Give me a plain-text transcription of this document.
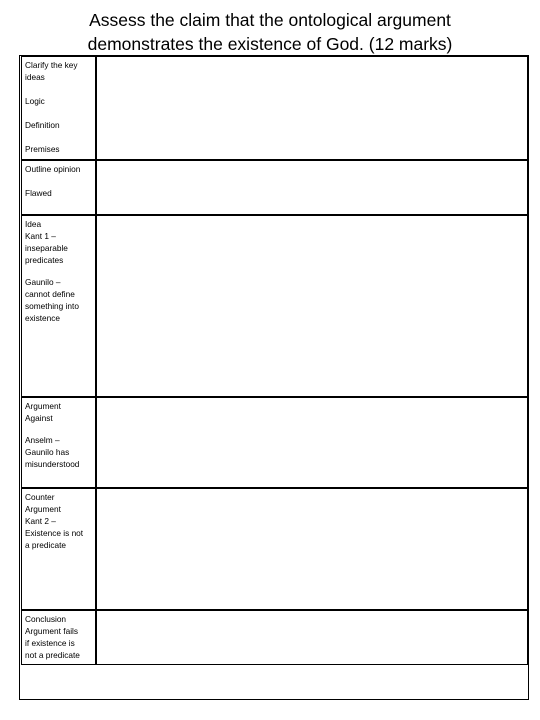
Assess the claim that the ontological argument
demonstrates the existence of God. (12 marks)
Clarify the key
ideas
Logic
Definition
Premises
Outline opinion
Flawed
Idea
Kant 1 –
inseparable
predicates
Gaunilo –
cannot define
something into
existence
Argument
Against
Anselm –
Gaunilo has
misunderstood
Counter
Argument
Kant 2 –
Existence is not
a predicate
Conclusion
Argument fails
if existence is
not a predicate
